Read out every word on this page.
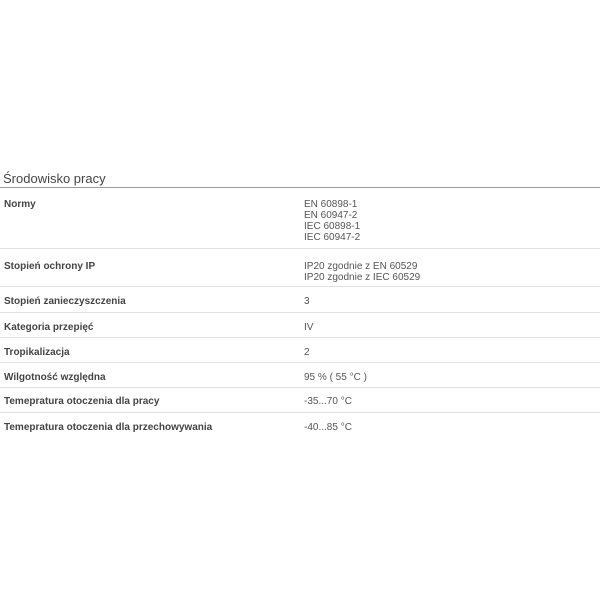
Środowisko pracy
Normy	EN 60898-1
EN 60947-2
IEC 60898-1
IEC 60947-2

Stopień ochrony IP	IP20 zgodnie z EN 60529
IP20 zgodnie z IEC 60529

Stopień zanieczyszczenia	3

Kategoria przepięć	IV

Tropikalizacja	2

Wilgotność względna	95 % ( 55 °C )

Temepratura otoczenia dla pracy	-35...70 °C

Temepratura otoczenia dla przechowywania	-40...85 °C
